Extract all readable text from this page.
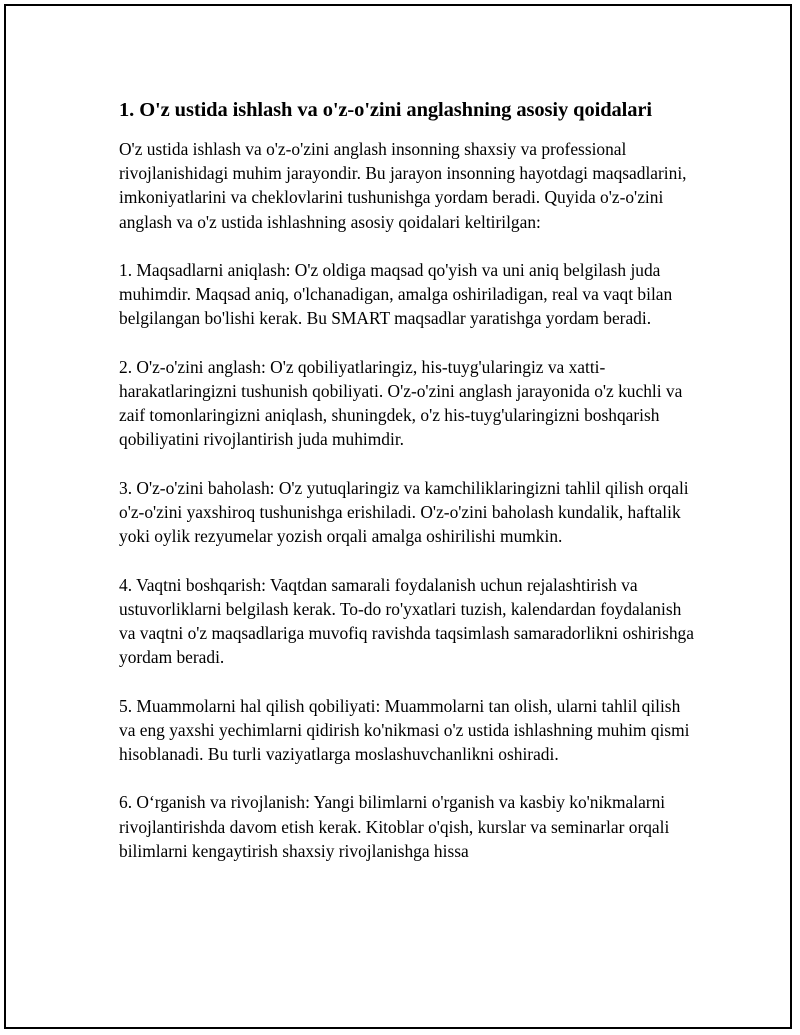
1. O'z ustida ishlash va o'z-o'zini anglashning asosiy qoidalari

O'z ustida ishlash va o'z-o'zini anglash insonning shaxsiy va professional rivojlanishidagi muhim jarayondir. Bu jarayon insonning hayotdagi maqsadlarini, imkoniyatlarini va cheklovlarini tushunishga yordam beradi. Quyida o'z-o'zini anglash va o'z ustida ishlashning asosiy qoidalari keltirilgan:

1. Maqsadlarni aniqlash: O'z oldiga maqsad qo'yish va uni aniq belgilash juda muhimdir. Maqsad aniq, o'lchanadigan, amalga oshiriladigan, real va vaqt bilan belgilangan bo'lishi kerak. Bu SMART maqsadlar yaratishga yordam beradi.

2. O'z-o'zini anglash: O'z qobiliyatlaringiz, his-tuyg'ularingiz va xatti-harakatlaringizni tushunish qobiliyati. O'z-o'zini anglash jarayonida o'z kuchli va zaif tomonlaringizni aniqlash, shuningdek, o'z his-tuyg'ularingizni boshqarish qobiliyatini rivojlantirish juda muhimdir.

3. O'z-o'zini baholash: O'z yutuqlaringiz va kamchiliklaringizni tahlil qilish orqali o'z-o'zini yaxshiroq tushunishga erishiladi. O'z-o'zini baholash kundalik, haftalik yoki oylik rezyumelar yozish orqali amalga oshirilishi mumkin.

4. Vaqtni boshqarish: Vaqtdan samarali foydalanish uchun rejalashtirish va ustuvorliklarni belgilash kerak. To-do ro'yxatlari tuzish, kalendardan foydalanish va vaqtni o'z maqsadlariga muvofiq ravishda taqsimlash samaradorlikni oshirishga yordam beradi.

5. Muammolarni hal qilish qobiliyati: Muammolarni tan olish, ularni tahlil qilish va eng yaxshi yechimlarni qidirish ko'nikmasi o'z ustida ishlashning muhim qismi hisoblanadi. Bu turli vaziyatlarga moslashuvchanlikni oshiradi.

6. O‘rganish va rivojlanish: Yangi bilimlarni o'rganish va kasbiy ko'nikmalarni rivojlantirishda davom etish kerak. Kitoblar o'qish, kurslar va seminarlar orqali bilimlarni kengaytirish shaxsiy rivojlanishga hissa
